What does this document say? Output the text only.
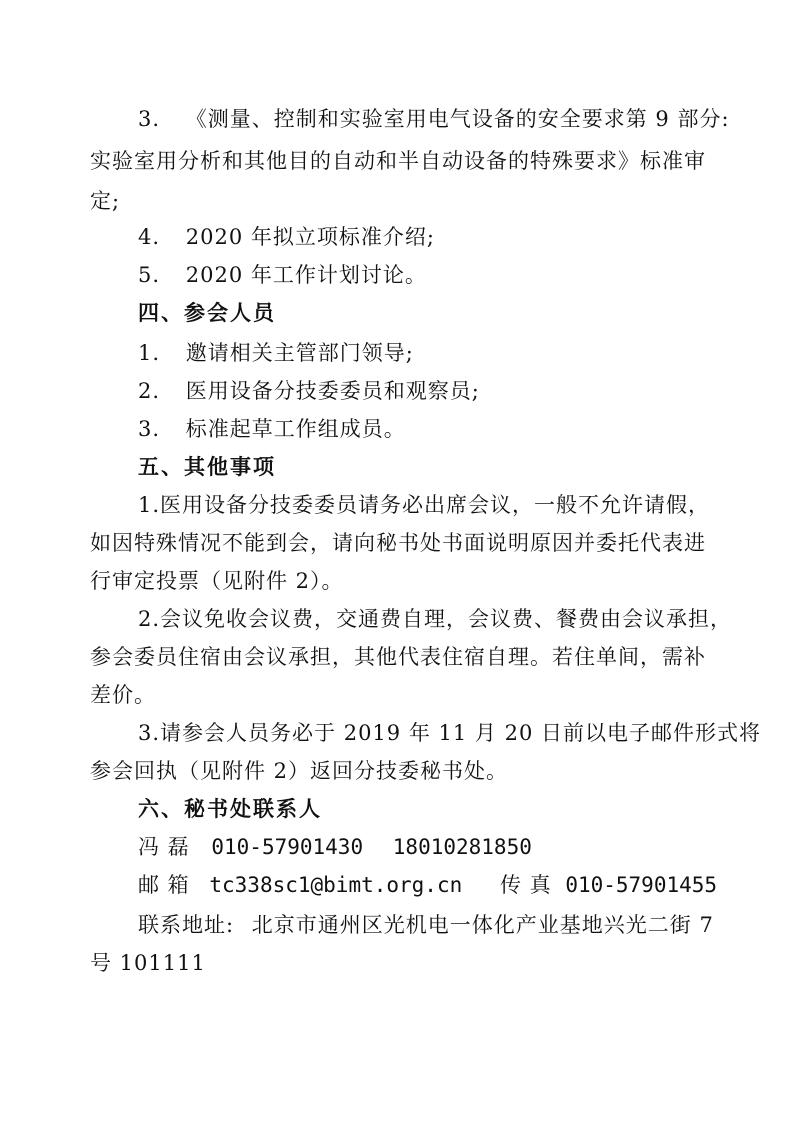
3. 《测量、控制和实验室用电气设备的安全要求第 9 部分:
实验室用分析和其他目的自动和半自动设备的特殊要求》标准审
定;
4. 2020 年拟立项标准介绍;
5. 2020 年工作计划讨论。
四、参会人员
1. 邀请相关主管部门领导;
2. 医用设备分技委委员和观察员;
3. 标准起草工作组成员。
五、其他事项
1.医用设备分技委委员请务必出席会议，一般不允许请假，
如因特殊情况不能到会，请向秘书处书面说明原因并委托代表进
行审定投票（见附件 2）。
2.会议免收会议费，交通费自理，会议费、餐费由会议承担，
参会委员住宿由会议承担，其他代表住宿自理。若住单间，需补
差价。
3.请参会人员务必于 2019 年 11 月 20 日前以电子邮件形式将
参会回执（见附件 2）返回分技委秘书处。
六、秘书处联系人
冯 磊 010-57901430 18010281850
邮 箱 tc338sc1@bimt.org.cn 传 真 010-57901455
联系地址: 北京市通州区光机电一体化产业基地兴光二街 7
号 101111
